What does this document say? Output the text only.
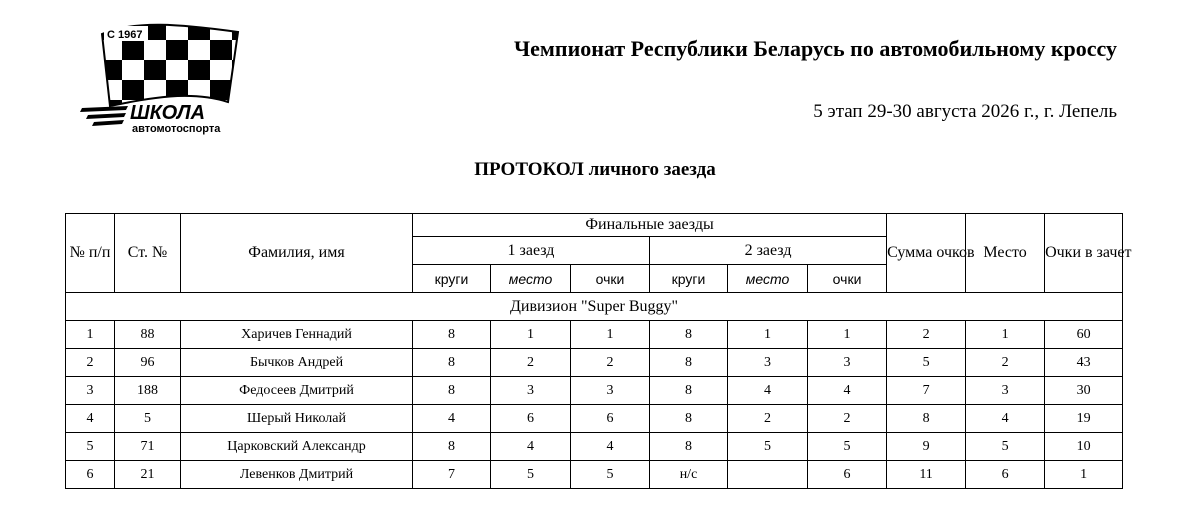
С 1967
ШКОЛА
автомотоспорта
Чемпионат Республики Беларусь по автомобильному кроссу
5 этап 29-30 августа 2026 г., г. Лепель
ПРОТОКОЛ личного заезда
№ п/п	Ст. №	Фамилия, имя	Финальные заезды						Сумма очков	Место	Очки в зачет
			1 заезд			2 заезд					
			круги	место	очки	круги	место	очки			
Дивизион "Super Buggy"											
1	88	Харичев Геннадий	8	1	1	8	1	1	2	1	60
2	96	Бычков Андрей	8	2	2	8	3	3	5	2	43
3	188	Федосеев Дмитрий	8	3	3	8	4	4	7	3	30
4	5	Шерый Николай	4	6	6	8	2	2	8	4	19
5	71	Царковский Александр	8	4	4	8	5	5	9	5	10
6	21	Левенков Дмитрий	7	5	5	н/с		6	11	6	1
